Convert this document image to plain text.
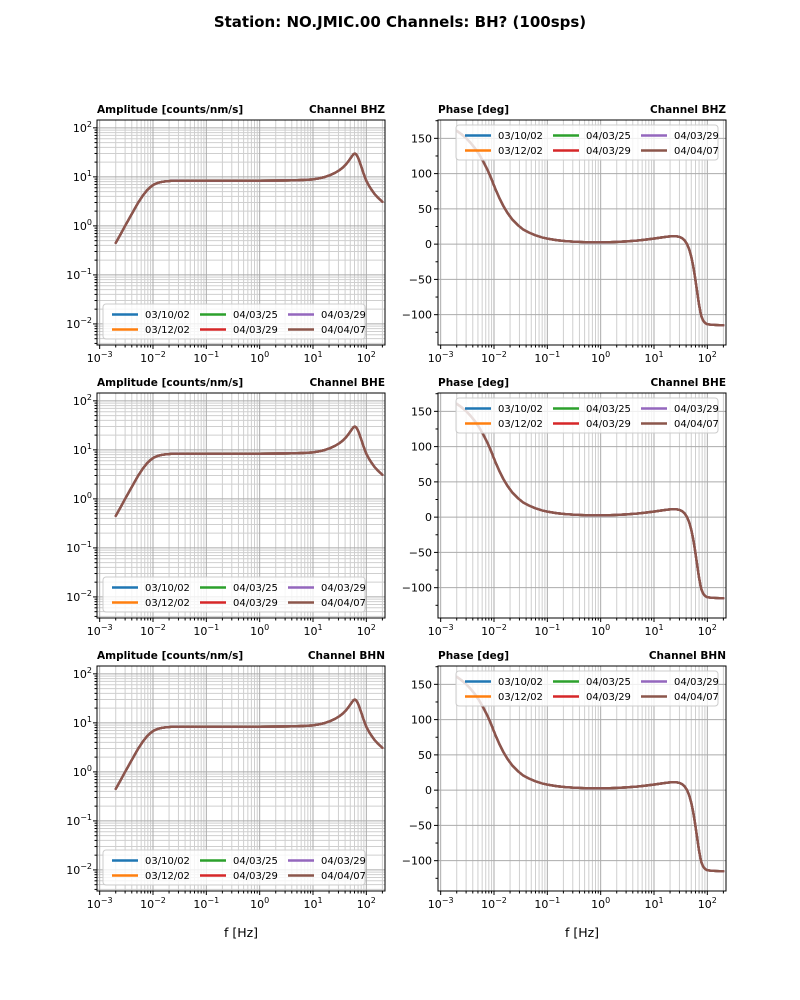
Station: NO.JMIC.00 Channels: BH? (100sps)
$10^{-3}$	$10^{-2}$	$10^{-1}$	$10^0$	$10^1$	$10^2$
$10^2$
$10^1$
$10^0$
$10^{-1}$
$10^{-2}$
Amplitude [counts/nm/s]	Channel BHZ
03/10/02
03/12/02
04/03/25
04/03/29
04/03/29
04/04/07
$10^{-3}$	$10^{-2}$	$10^{-1}$	$10^0$	$10^1$	$10^2$
150
100
50
0
−50
−100
Phase [deg]	Channel BHZ
03/10/02
03/12/02
04/03/25
04/03/29
04/03/29
04/04/07
$10^{-3}$	$10^{-2}$	$10^{-1}$	$10^0$	$10^1$	$10^2$
$10^2$
$10^1$
$10^0$
$10^{-1}$
$10^{-2}$
Amplitude [counts/nm/s]	Channel BHE
03/10/02
03/12/02
04/03/25
04/03/29
04/03/29
04/04/07
$10^{-3}$	$10^{-2}$	$10^{-1}$	$10^0$	$10^1$	$10^2$
150
100
50
0
−50
−100
Phase [deg]	Channel BHE
03/10/02
03/12/02
04/03/25
04/03/29
04/03/29
04/04/07
$10^{-3}$	$10^{-2}$	$10^{-1}$	$10^0$	$10^1$	$10^2$
$10^2$
$10^1$
$10^0$
$10^{-1}$
$10^{-2}$
Amplitude [counts/nm/s]	Channel BHN
f [Hz]
03/10/02
03/12/02
04/03/25
04/03/29
04/03/29
04/04/07
$10^{-3}$	$10^{-2}$	$10^{-1}$	$10^0$	$10^1$	$10^2$
150
100
50
0
−50
−100
Phase [deg]	Channel BHN
f [Hz]
03/10/02
03/12/02
04/03/25
04/03/29
04/03/29
04/04/07
